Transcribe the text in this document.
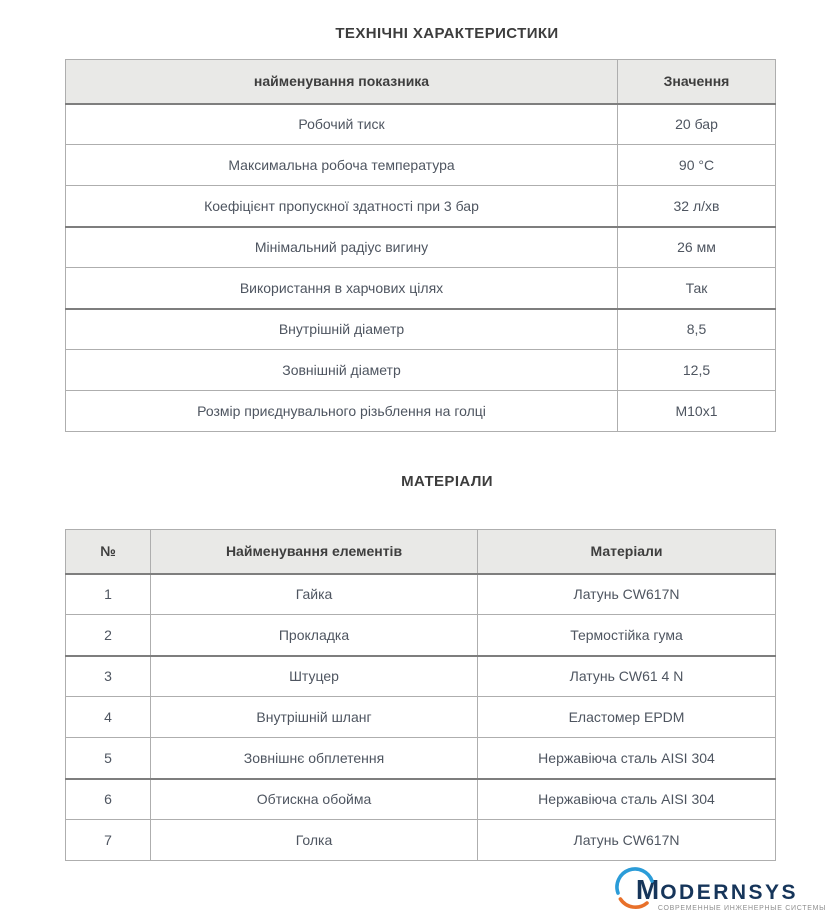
ТЕХНІЧНІ ХАРАКТЕРИСТИКИ
найменування показника	Значення
Робочий тиск	20 бар
Максимальна робоча температура	90 °C
Коефіцієнт пропускної здатності при 3 бар	32 л/хв
Мінімальний радіус вигину	26 мм
Використання в харчових цілях	Так
Внутрішній діаметр	8,5
Зовнішній діаметр	12,5
Розмір приєднувального різьблення на голці	M10x1
МАТЕРІАЛИ
№	Найменування елементів	Матеріали
1	Гайка	Латунь CW617N
2	Прокладка	Термостійка гума
3	Штуцер	Латунь CW61 4 N
4	Внутрішній шланг	Еластомер EPDM
5	Зовнішнє обплетення	Нержавіюча сталь AISI 304
6	Обтискна обойма	Нержавіюча сталь AISI 304
7	Голка	Латунь CW617N
M ODERNSYS
СОВРЕМЕННЫЕ ИНЖЕНЕРНЫЕ СИСТЕМЫ
